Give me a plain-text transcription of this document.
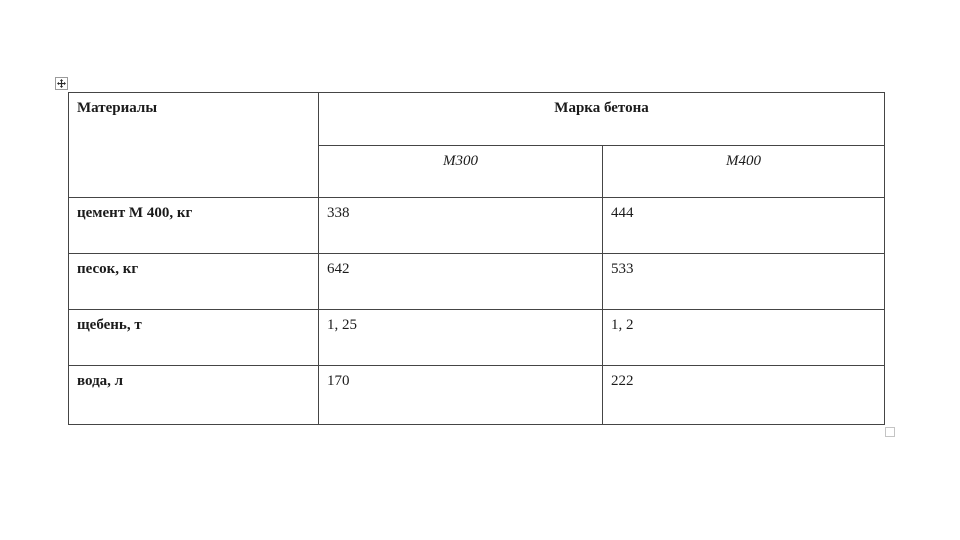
Материалы	Марка бетона	
	М300	М400
цемент М 400, кг	338	444
песок, кг	642	533
щебень, т	1, 25	1, 2
вода, л	170	222
